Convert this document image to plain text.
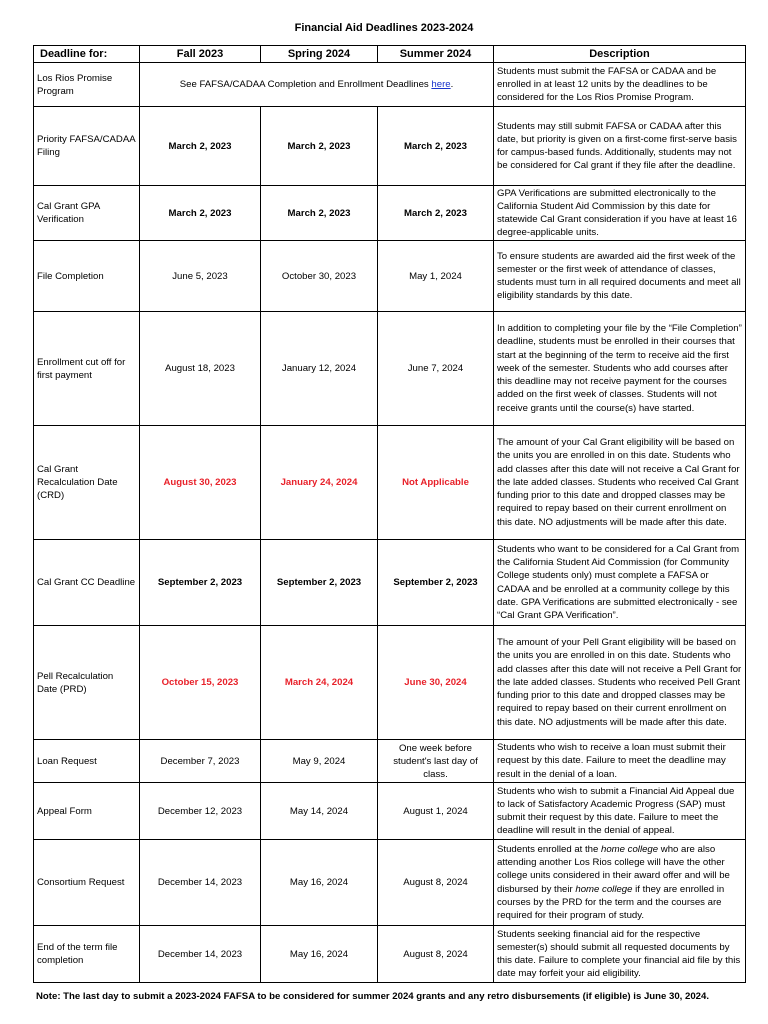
Financial Aid Deadlines 2023-2024
Deadline for:	Fall 2023	Spring 2024	Summer 2024	Description
Los Rios Promise Program	See FAFSA/CADAA Completion and Enrollment Deadlines here.			Students must submit the FAFSA or CADAA and be enrolled in at least 12 units by the deadlines to be considered for the Los Rios Promise Program.
Priority FAFSA/CADAA Filing	March 2, 2023	March 2, 2023	March 2, 2023	Students may still submit FAFSA or CADAA after this date, but priority is given on a first-come first-serve basis for campus-based funds. Additionally, students may not be considered for Cal grant if they file after the deadline.
Cal Grant GPA Verification	March 2, 2023	March 2, 2023	March 2, 2023	GPA Verifications are submitted electronically to the California Student Aid Commission by this date for statewide Cal Grant consideration if you have at least 16 degree-applicable units.
File Completion	June 5, 2023	October 30, 2023	May 1, 2024	To ensure students are awarded aid the first week of the semester or the first week of attendance of classes, students must turn in all required documents and meet all eligibility standards by this date.
Enrollment cut off for first payment	August 18, 2023	January 12, 2024	June 7, 2024	In addition to completing your file by the “File Completion” deadline, students must be enrolled in their courses that start at the beginning of the term to receive aid the first week of the semester. Students who add courses after this deadline may not receive payment for the courses added on the first week of classes. Students will not receive grants until the course(s) have started.
Cal Grant Recalculation Date (CRD)	August 30, 2023	January 24, 2024	Not Applicable	The amount of your Cal Grant eligibility will be based on the units you are enrolled in on this date. Students who add classes after this date will not receive a Cal Grant for the late added classes. Students who received Cal Grant funding prior to this date and dropped classes may be required to repay based on their current enrollment on this date. NO adjustments will be made after this date.
Cal Grant CC Deadline	September 2, 2023	September 2, 2023	September 2, 2023	Students who want to be considered for a Cal Grant from the California Student Aid Commission (for Community College students only) must complete a FAFSA or CADAA and be enrolled at a community college by this date. GPA Verifications are submitted electronically - see “Cal Grant GPA Verification”.
Pell Recalculation Date (PRD)	October 15, 2023	March 24, 2024	June 30, 2024	The amount of your Pell Grant eligibility will be based on the units you are enrolled in on this date. Students who add classes after this date will not receive a Pell Grant for the late added classes. Students who received Pell Grant funding prior to this date and dropped classes may be required to repay based on their current enrollment on this date. NO adjustments will be made after this date.
Loan Request	December 7, 2023	May 9, 2024	One week before student's last day of class.	Students who wish to receive a loan must submit their request by this date. Failure to meet the deadline may result in the denial of a loan.
Appeal Form	December 12, 2023	May 14, 2024	August 1, 2024	Students who wish to submit a Financial Aid Appeal due to lack of Satisfactory Academic Progress (SAP) must submit their request by this date. Failure to meet the deadline will result in the denial of appeal.
Consortium Request	December 14, 2023	May 16, 2024	August 8, 2024	Students enrolled at the home college who are also attending another Los Rios college will have the other college units considered in their award offer and will be disbursed by their home college if they are enrolled in courses by the PRD for the term and the courses are required for their program of study.
End of the term file completion	December 14, 2023	May 16, 2024	August 8, 2024	Students seeking financial aid for the respective semester(s) should submit all requested documents by this date. Failure to complete your financial aid file by this date may forfeit your aid eligibility.
Note: The last day to submit a 2023-2024 FAFSA to be considered for summer 2024 grants and any retro disbursements (if eligible) is June 30, 2024.
